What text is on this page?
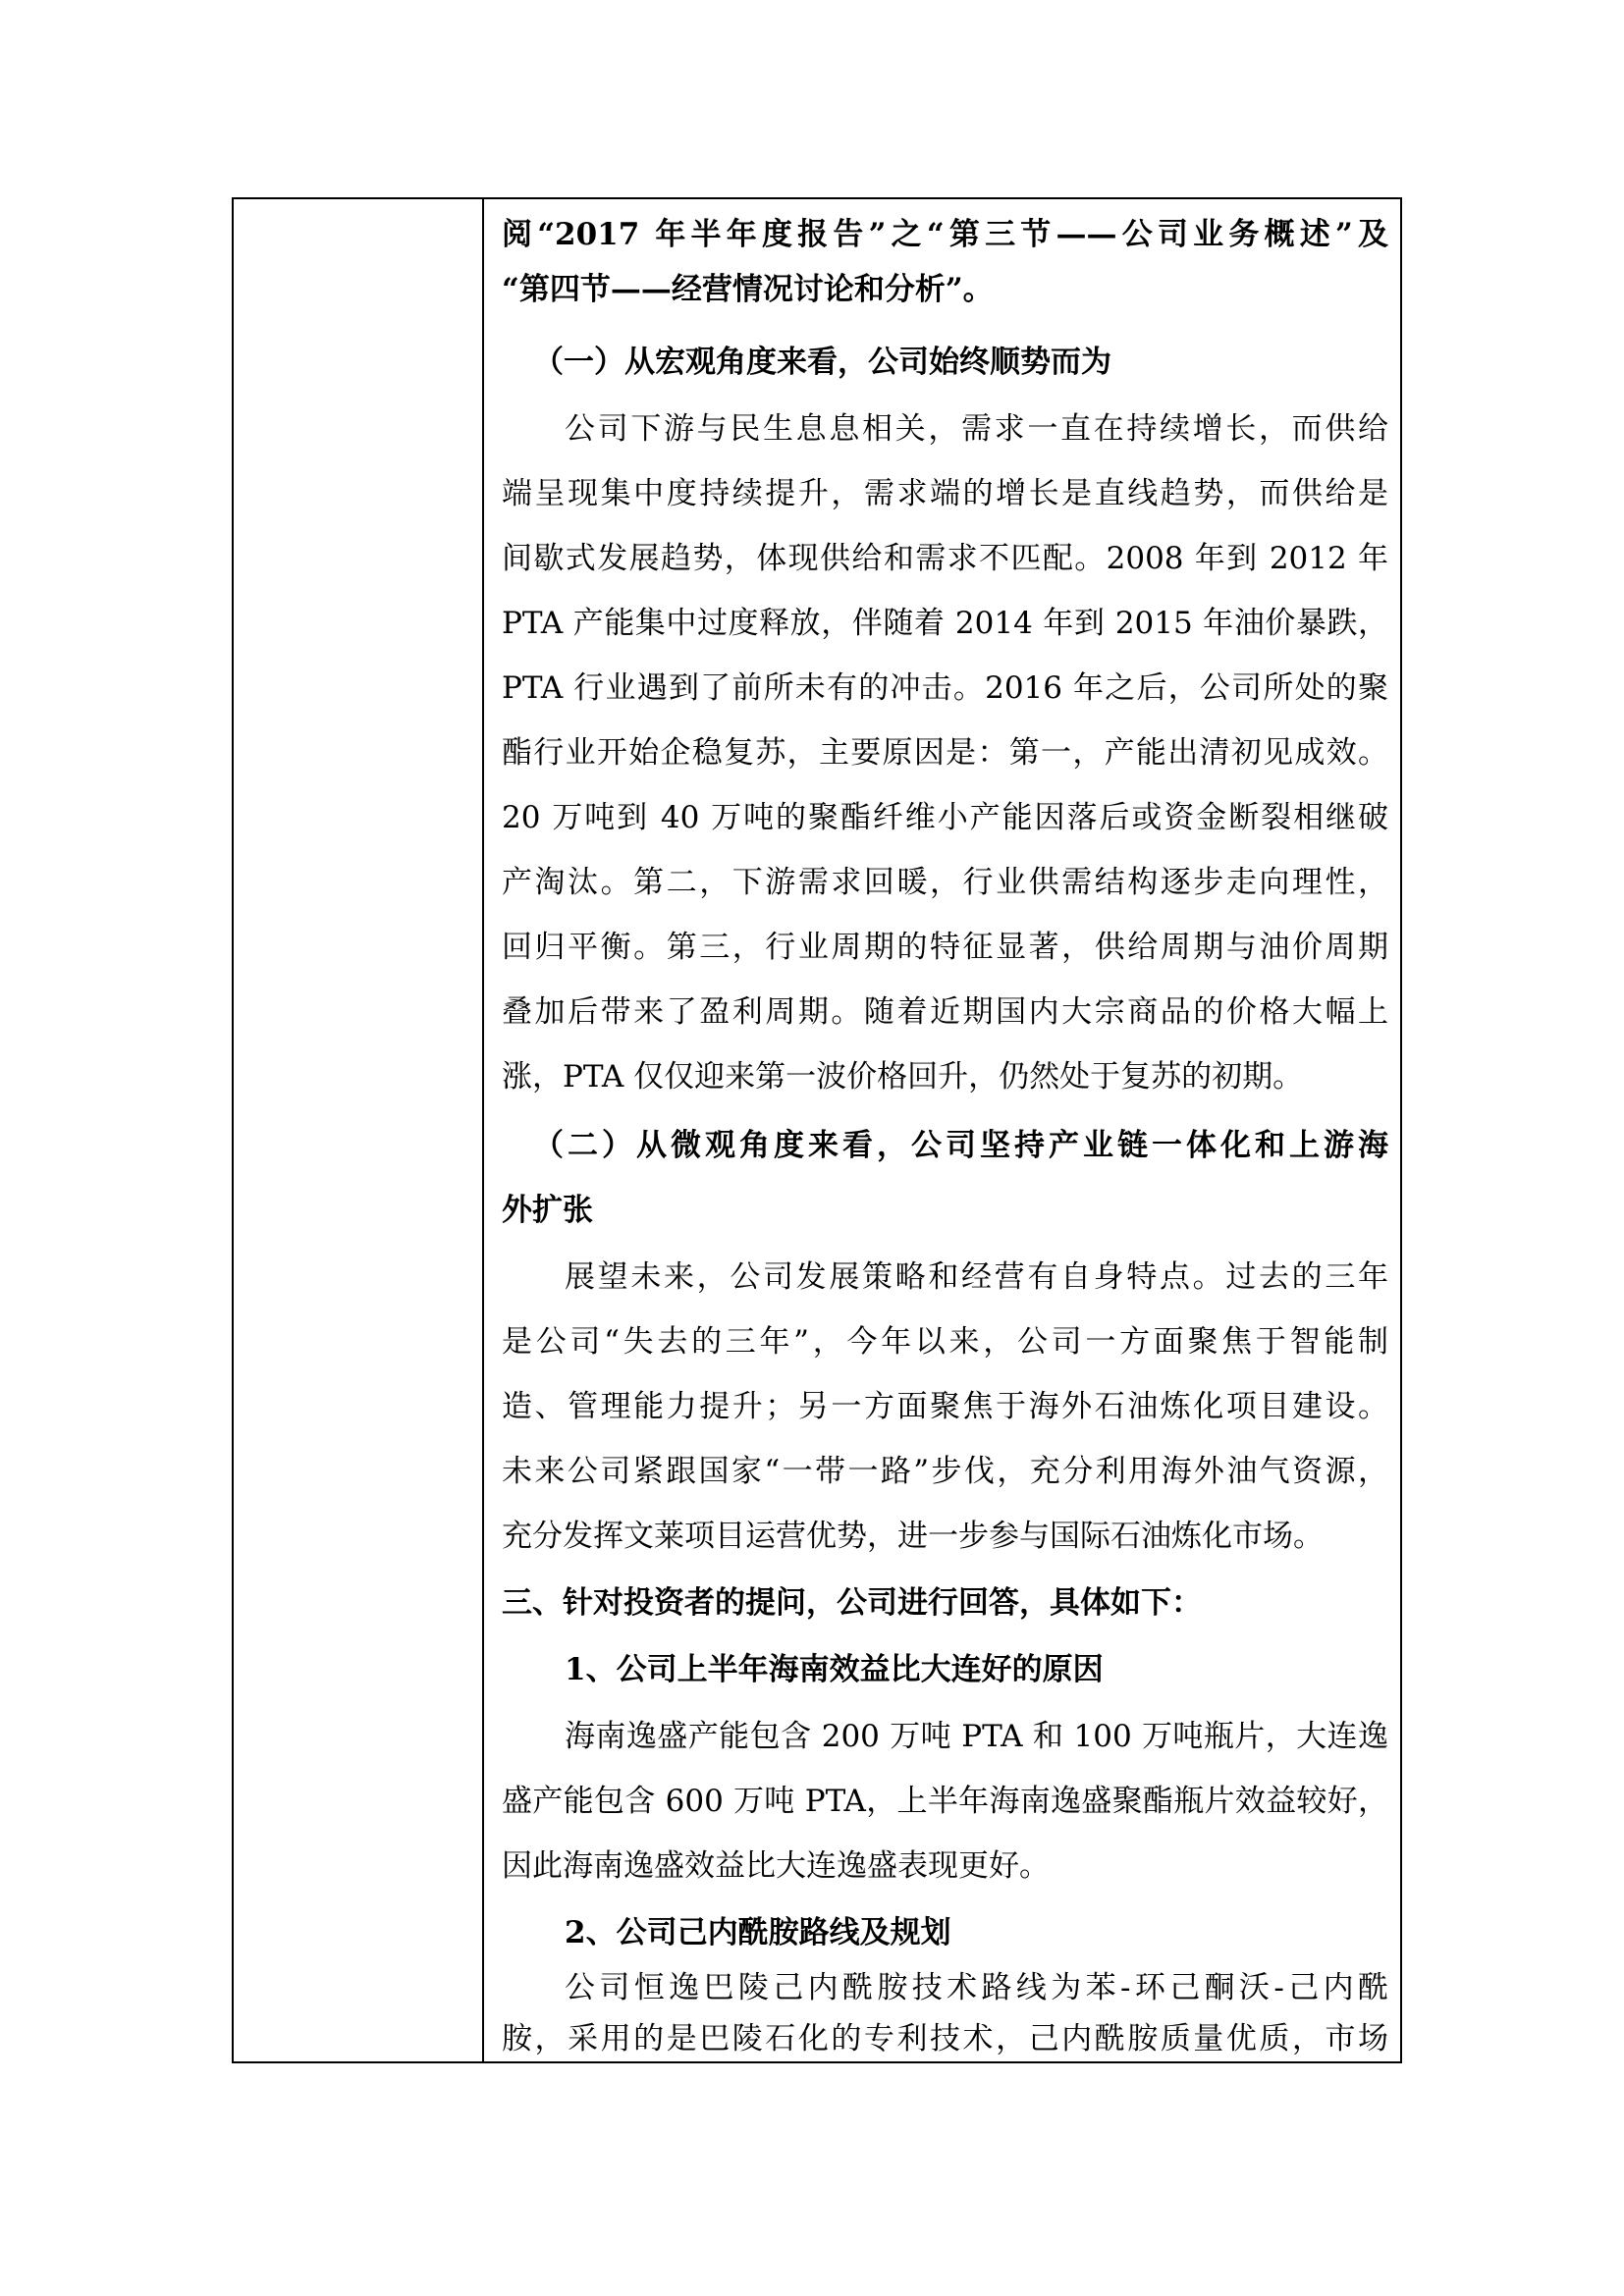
阅“2017 年半年度报告”之“第三节——公司业务概述”及
“第四节——经营情况讨论和分析”。
（一）从宏观角度来看，公司始终顺势而为
公司下游与民生息息相关，需求一直在持续增长，而供给
端呈现集中度持续提升，需求端的增长是直线趋势，而供给是
间歇式发展趋势，体现供给和需求不匹配。2008 年到 2012 年
PTA 产能集中过度释放，伴随着 2014 年到 2015 年油价暴跌，
PTA 行业遇到了前所未有的冲击。2016 年之后，公司所处的聚
酯行业开始企稳复苏，主要原因是：第一，产能出清初见成效。
20 万吨到 40 万吨的聚酯纤维小产能因落后或资金断裂相继破
产淘汰。第二，下游需求回暖，行业供需结构逐步走向理性，
回归平衡。第三，行业周期的特征显著，供给周期与油价周期
叠加后带来了盈利周期。随着近期国内大宗商品的价格大幅上
涨，PTA 仅仅迎来第一波价格回升，仍然处于复苏的初期。
（二）从微观角度来看，公司坚持产业链一体化和上游海
外扩张
展望未来，公司发展策略和经营有自身特点。过去的三年
是公司“失去的三年”，今年以来，公司一方面聚焦于智能制
造、管理能力提升；另一方面聚焦于海外石油炼化项目建设。
未来公司紧跟国家“一带一路”步伐，充分利用海外油气资源，
充分发挥文莱项目运营优势，进一步参与国际石油炼化市场。
三、针对投资者的提问，公司进行回答，具体如下：
1、公司上半年海南效益比大连好的原因
海南逸盛产能包含 200 万吨 PTA 和 100 万吨瓶片，大连逸
盛产能包含 600 万吨 PTA，上半年海南逸盛聚酯瓶片效益较好，
因此海南逸盛效益比大连逸盛表现更好。
2、公司己内酰胺路线及规划
公司恒逸巴陵己内酰胺技术路线为苯-环己酮沃-己内酰
胺，采用的是巴陵石化的专利技术，己内酰胺质量优质，市场
